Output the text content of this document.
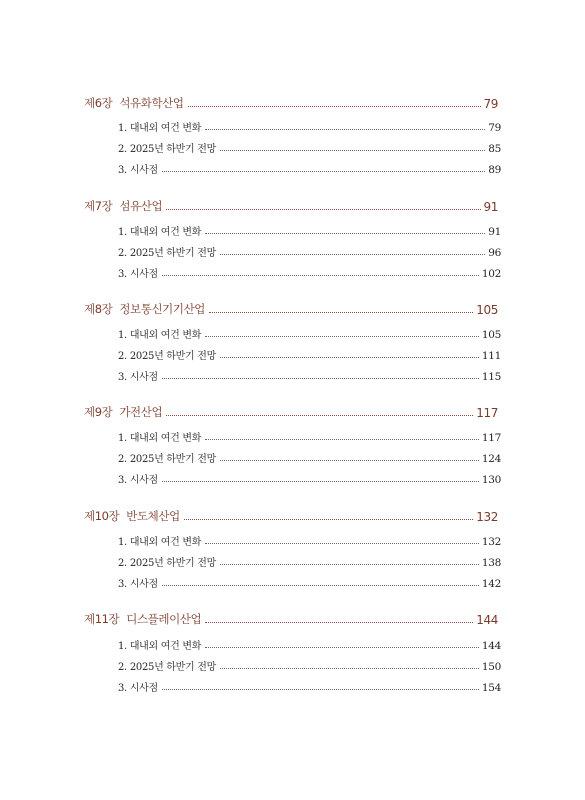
제6장 석유화학산업	79
1. 대내외 여건 변화	79
2. 2025년 하반기 전망	85
3. 시사점	89
제7장 섬유산업	91
1. 대내외 여건 변화	91
2. 2025년 하반기 전망	96
3. 시사점	102
제8장 정보통신기기산업	105
1. 대내외 여건 변화	105
2. 2025년 하반기 전망	111
3. 시사점	115
제9장 가전산업	117
1. 대내외 여건 변화	117
2. 2025년 하반기 전망	124
3. 시사점	130
제10장 반도체산업	132
1. 대내외 여건 변화	132
2. 2025년 하반기 전망	138
3. 시사점	142
제11장 디스플레이산업	144
1. 대내외 여건 변화	144
2. 2025년 하반기 전망	150
3. 시사점	154
